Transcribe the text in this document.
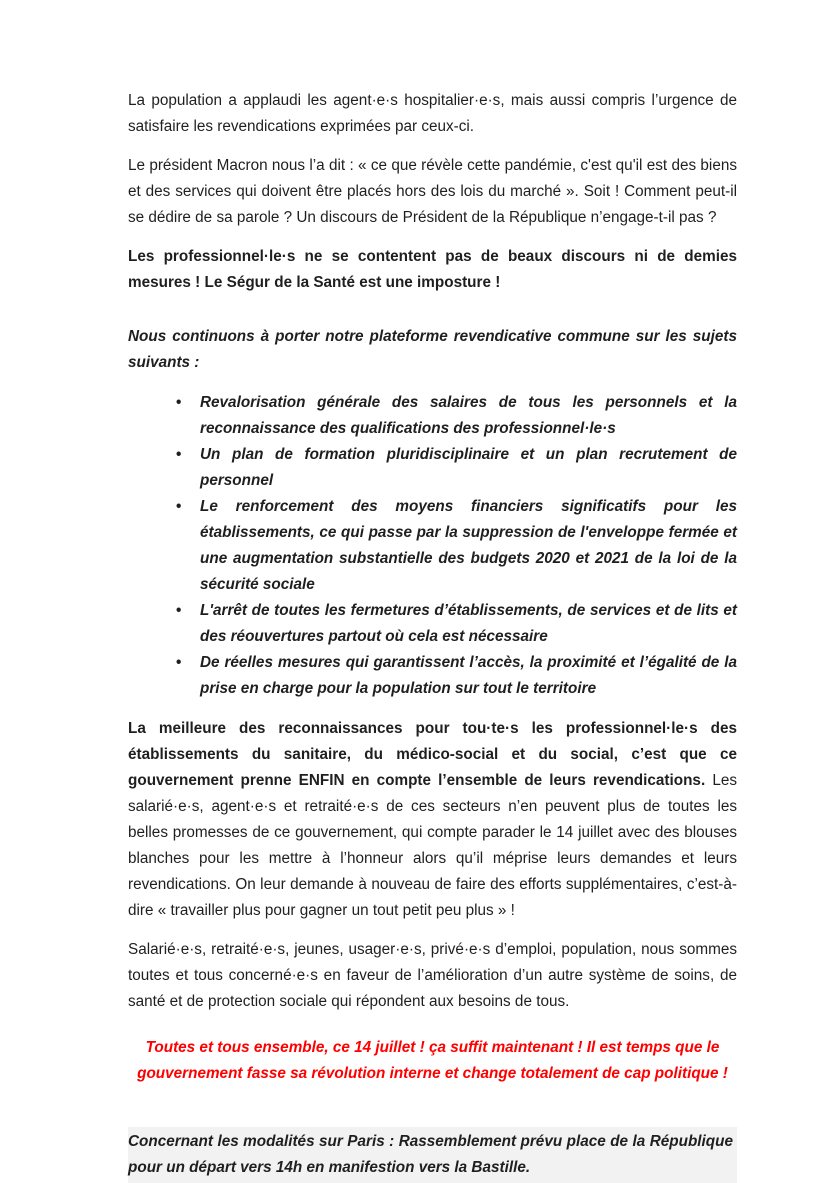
La population a applaudi les agent·e·s hospitalier·e·s, mais aussi compris l’urgence de satisfaire les revendications exprimées par ceux-ci.

Le président Macron nous l’a dit : « ce que révèle cette pandémie, c'est qu'il est des biens et des services qui doivent être placés hors des lois du marché ». Soit ! Comment peut-il se dédire de sa parole ? Un discours de Président de la République n’engage-t-il pas ?

Les professionnel·le·s ne se contentent pas de beaux discours ni de demies mesures ! Le Ségur de la Santé est une imposture !

Nous continuons à porter notre plateforme revendicative commune sur les sujets suivants :

• Revalorisation générale des salaires de tous les personnels et la reconnaissance des qualifications des professionnel·le·s
• Un plan de formation pluridisciplinaire et un plan recrutement de personnel
• Le renforcement des moyens financiers significatifs pour les établissements, ce qui passe par la suppression de l'enveloppe fermée et une augmentation substantielle des budgets 2020 et 2021 de la loi de la sécurité sociale
• L'arrêt de toutes les fermetures d’établissements, de services et de lits et des réouvertures partout où cela est nécessaire
• De réelles mesures qui garantissent l’accès, la proximité et l’égalité de la prise en charge pour la population sur tout le territoire

La meilleure des reconnaissances pour tou·te·s les professionnel·le·s des établissements du sanitaire, du médico-social et du social, c’est que ce gouvernement prenne ENFIN en compte l’ensemble de leurs revendications. Les salarié·e·s, agent·e·s et retraité·e·s de ces secteurs n’en peuvent plus de toutes les belles promesses de ce gouvernement, qui compte parader le 14 juillet avec des blouses blanches pour les mettre à l’honneur alors qu’il méprise leurs demandes et leurs revendications. On leur demande à nouveau de faire des efforts supplémentaires, c’est-à-dire « travailler plus pour gagner un tout petit peu plus » !

Salarié·e·s, retraité·e·s, jeunes, usager·e·s, privé·e·s d’emploi, population, nous sommes toutes et tous concerné·e·s en faveur de l’amélioration d’un autre système de soins, de santé et de protection sociale qui répondent aux besoins de tous.

Toutes et tous ensemble, ce 14 juillet ! ça suffit maintenant ! Il est temps que le gouvernement fasse sa révolution interne et change totalement de cap politique !

Concernant les modalités sur Paris : Rassemblement prévu place de la République pour un départ vers 14h en manifestion vers la Bastille.
